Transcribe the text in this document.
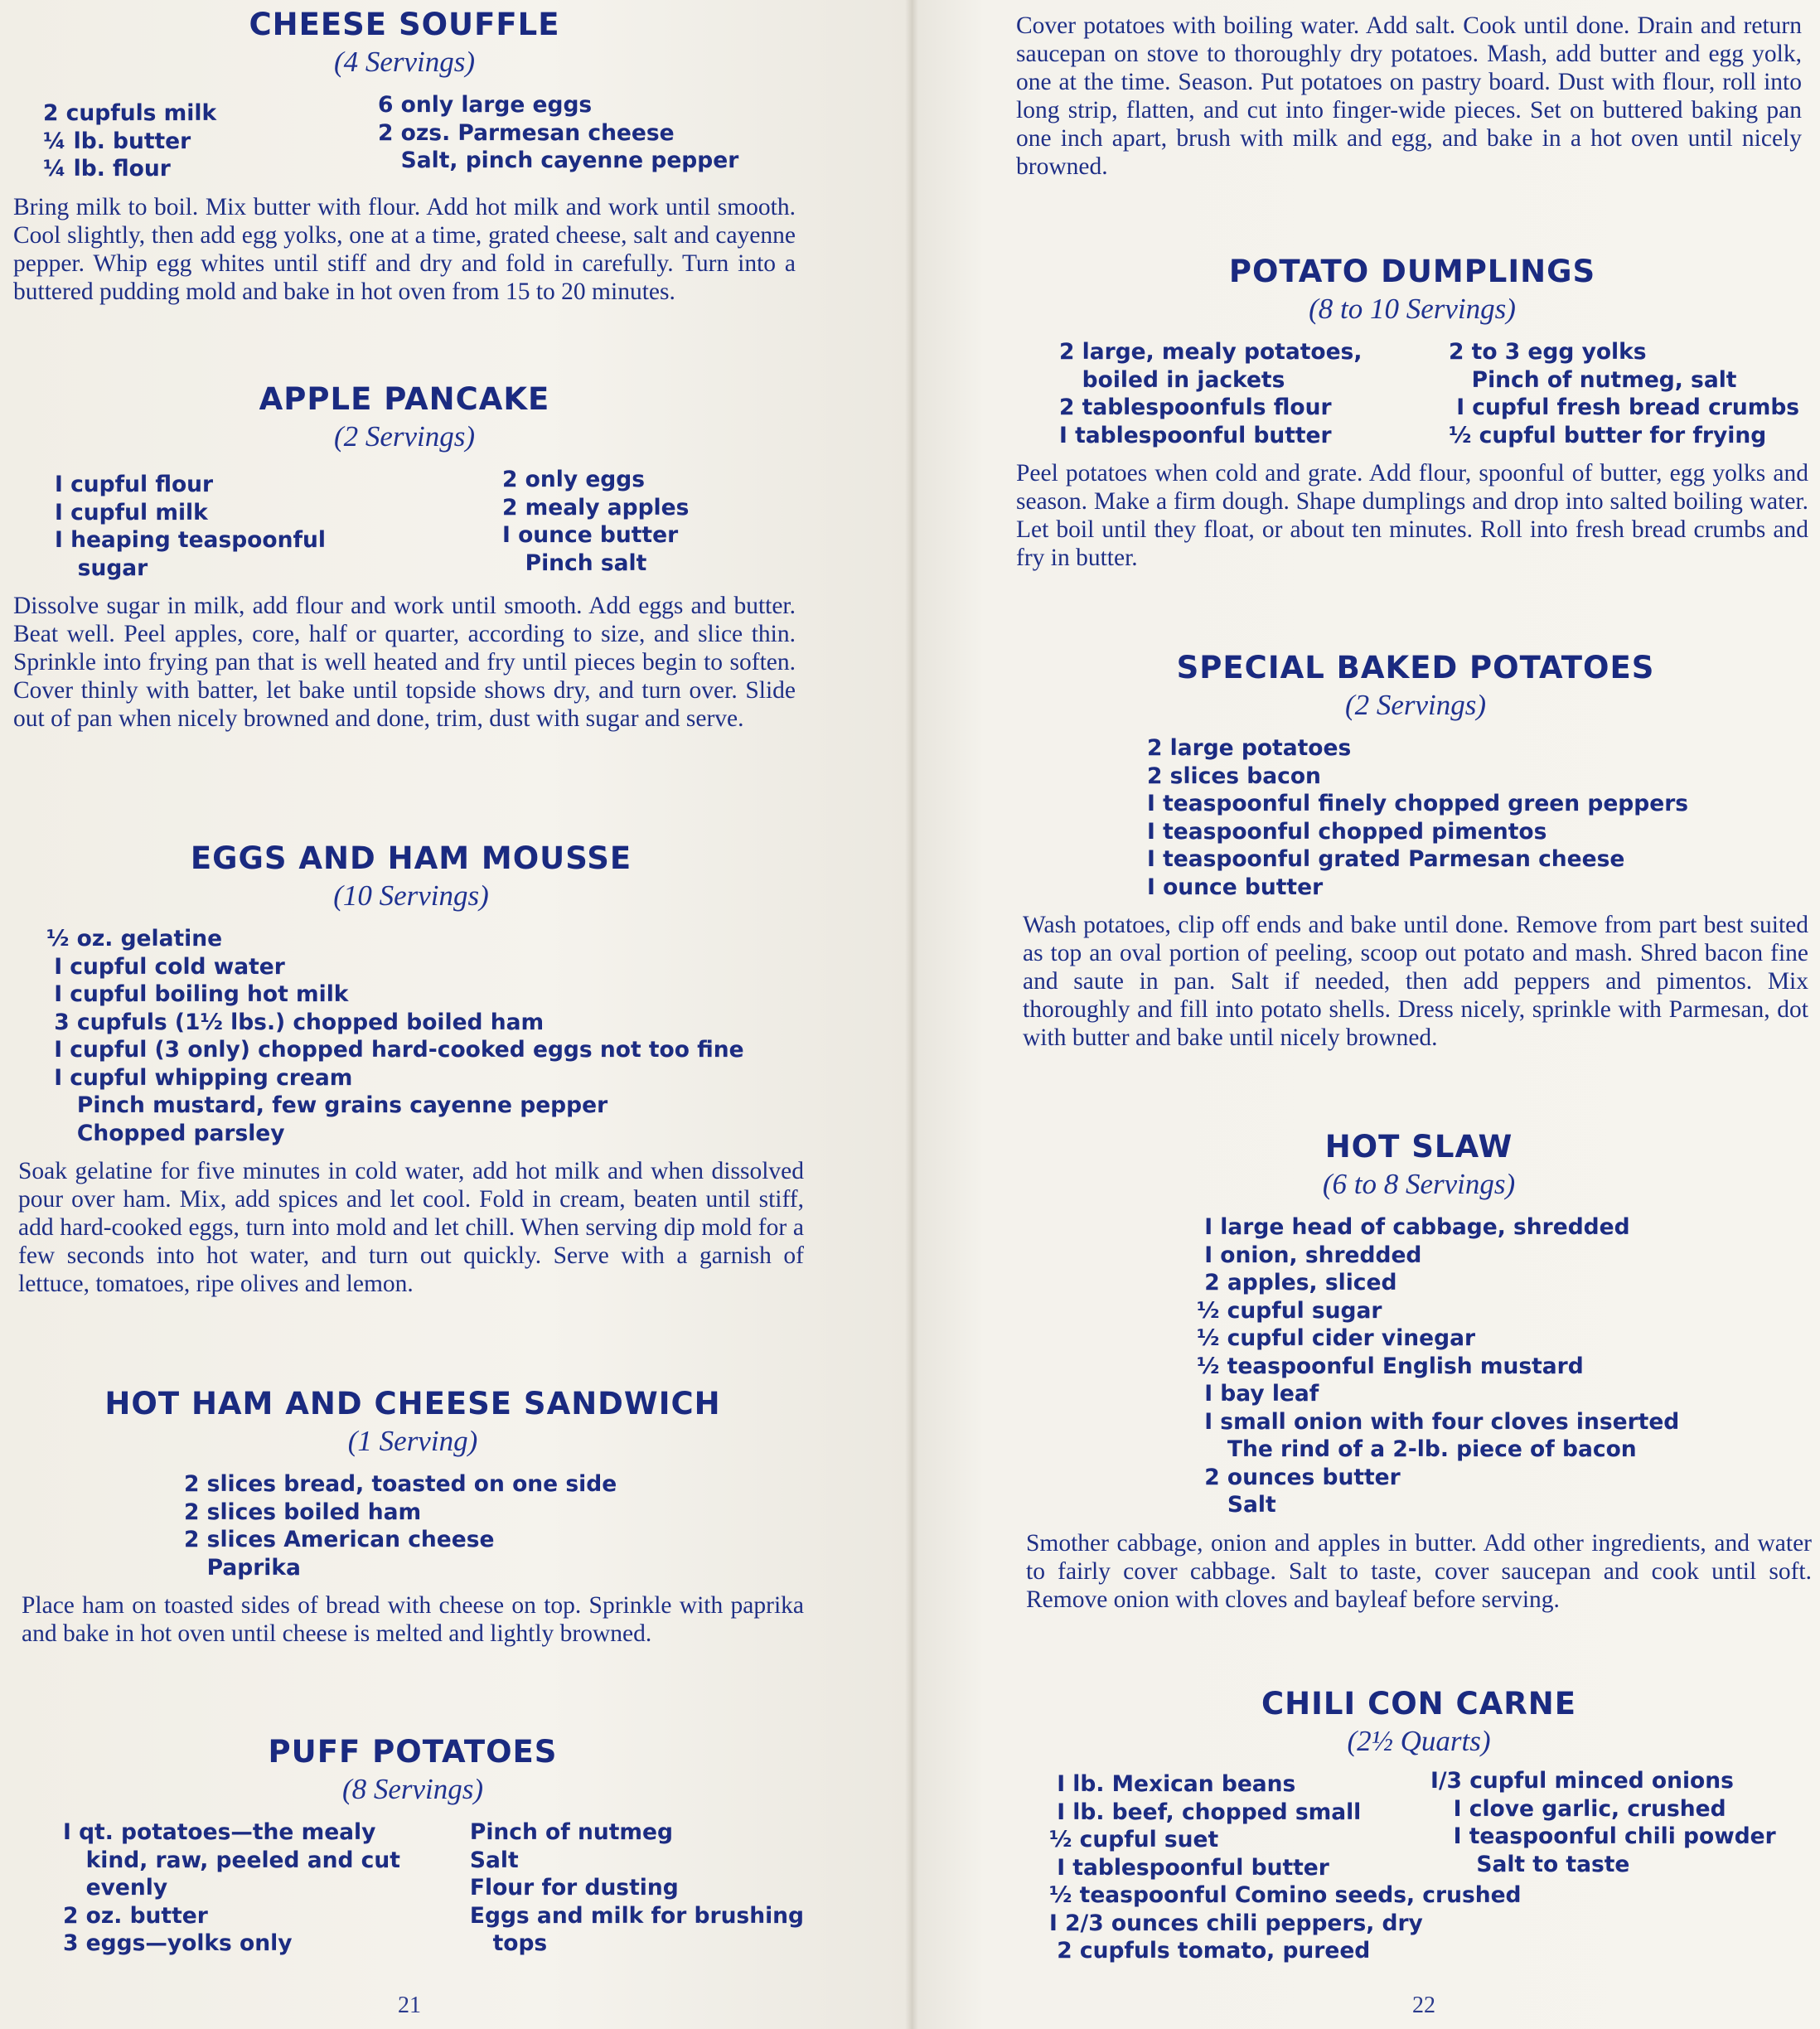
CHEESE SOUFFLE
(4 Servings)
2 cupfuls milk
¼ lb. butter
¼ lb. flour
6 only large eggs
2 ozs. Parmesan cheese
Salt, pinch cayenne pepper
Bring milk to boil. Mix butter with flour. Add hot milk and work until smooth. Cool slightly, then add egg yolks, one at a time, grated cheese, salt and cayenne pepper. Whip egg whites until stiff and dry and fold in carefully. Turn into a buttered pudding mold and bake in hot oven from 15 to 20 minutes.
APPLE PANCAKE
(2 Servings)
I cupful flour
I cupful milk
I heaping teaspoonful
sugar
2 only eggs
2 mealy apples
I ounce butter
Pinch salt
Dissolve sugar in milk, add flour and work until smooth. Add eggs and butter. Beat well. Peel apples, core, half or quarter, according to size, and slice thin. Sprinkle into frying pan that is well heated and fry until pieces begin to soften. Cover thinly with batter, let bake until topside shows dry, and turn over. Slide out of pan when nicely browned and done, trim, dust with sugar and serve.
EGGS AND HAM MOUSSE
(10 Servings)
½ oz. gelatine
I cupful cold water
I cupful boiling hot milk
3 cupfuls (1½ lbs.) chopped boiled ham
I cupful (3 only) chopped hard-cooked eggs not too fine
I cupful whipping cream
Pinch mustard, few grains cayenne pepper
Chopped parsley
Soak gelatine for five minutes in cold water, add hot milk and when dissolved pour over ham. Mix, add spices and let cool. Fold in cream, beaten until stiff, add hard-cooked eggs, turn into mold and let chill. When serving dip mold for a few seconds into hot water, and turn out quickly. Serve with a garnish of lettuce, tomatoes, ripe olives and lemon.
HOT HAM AND CHEESE SANDWICH
(1 Serving)
2 slices bread, toasted on one side
2 slices boiled ham
2 slices American cheese
Paprika
Place ham on toasted sides of bread with cheese on top. Sprinkle with paprika and bake in hot oven until cheese is melted and lightly browned.
PUFF POTATOES
(8 Servings)
I qt. potatoes—the mealy
kind, raw, peeled and cut
evenly
2 oz. butter
3 eggs—yolks only
Pinch of nutmeg
Salt
Flour for dusting
Eggs and milk for brushing
tops
21
Cover potatoes with boiling water. Add salt. Cook until done. Drain and return saucepan on stove to thoroughly dry potatoes. Mash, add butter and egg yolk, one at the time. Season. Put potatoes on pastry board. Dust with flour, roll into long strip, flatten, and cut into finger-wide pieces. Set on buttered baking pan one inch apart, brush with milk and egg, and bake in a hot oven until nicely browned.
POTATO DUMPLINGS
(8 to 10 Servings)
2 large, mealy potatoes,
boiled in jackets
2 tablespoonfuls flour
I tablespoonful butter
2 to 3 egg yolks
Pinch of nutmeg, salt
I cupful fresh bread crumbs
½ cupful butter for frying
Peel potatoes when cold and grate. Add flour, spoonful of butter, egg yolks and season. Make a firm dough. Shape dumplings and drop into salted boiling water. Let boil until they float, or about ten minutes. Roll into fresh bread crumbs and fry in butter.
SPECIAL BAKED POTATOES
(2 Servings)
2 large potatoes
2 slices bacon
I teaspoonful finely chopped green peppers
I teaspoonful chopped pimentos
I teaspoonful grated Parmesan cheese
I ounce butter
Wash potatoes, clip off ends and bake until done. Remove from part best suited as top an oval portion of peeling, scoop out potato and mash. Shred bacon fine and saute in pan. Salt if needed, then add peppers and pimentos. Mix thoroughly and fill into potato shells. Dress nicely, sprinkle with Parmesan, dot with butter and bake until nicely browned.
HOT SLAW
(6 to 8 Servings)
I large head of cabbage, shredded
I onion, shredded
2 apples, sliced
½ cupful sugar
½ cupful cider vinegar
½ teaspoonful English mustard
I bay leaf
I small onion with four cloves inserted
The rind of a 2-lb. piece of bacon
2 ounces butter
Salt
Smother cabbage, onion and apples in butter. Add other ingredients, and water to fairly cover cabbage. Salt to taste, cover saucepan and cook until soft. Remove onion with cloves and bayleaf before serving.
CHILI CON CARNE
(2½ Quarts)
I lb. Mexican beans
I lb. beef, chopped small
½ cupful suet
I tablespoonful butter
I/3 cupful minced onions
I clove garlic, crushed
I teaspoonful chili powder
Salt to taste
½ teaspoonful Comino seeds, crushed
I 2/3 ounces chili peppers, dry
2 cupfuls tomato, pureed
22
